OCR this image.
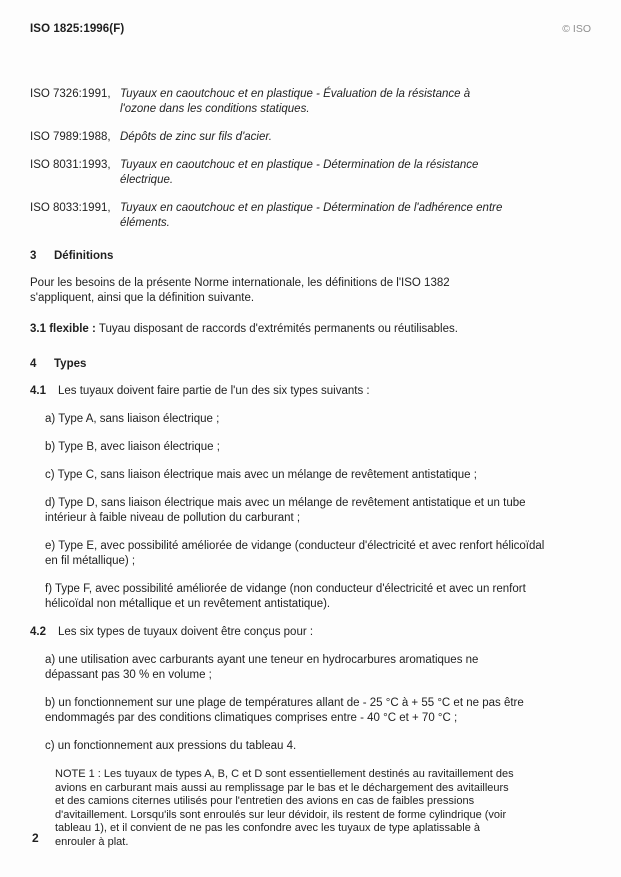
ISO 1825:1996(F)	© ISO
ISO 7326:1991, Tuyaux en caoutchouc et en plastique - Évaluation de la résistance à l'ozone dans les conditions statiques.
ISO 7989:1988, Dépôts de zinc sur fils d'acier.
ISO 8031:1993, Tuyaux en caoutchouc et en plastique - Détermination de la résistance électrique.
ISO 8033:1991, Tuyaux en caoutchouc et en plastique - Détermination de l'adhérence entre éléments.
3	Définitions

Pour les besoins de la présente Norme internationale, les définitions de l'ISO 1382 s'appliquent, ainsi que la définition suivante.

3.1 flexible : Tuyau disposant de raccords d'extrémités permanents ou réutilisables.

4	Types
4.1	Les tuyaux doivent faire partie de l'un des six types suivants :
a) Type A, sans liaison électrique ;
b) Type B, avec liaison électrique ;
c) Type C, sans liaison électrique mais avec un mélange de revêtement antistatique ;
d) Type D, sans liaison électrique mais avec un mélange de revêtement antistatique et un tube intérieur à faible niveau de pollution du carburant ;
e) Type E, avec possibilité améliorée de vidange (conducteur d'électricité et avec renfort hélicoïdal en fil métallique) ;
f) Type F, avec possibilité améliorée de vidange (non conducteur d'électricité et avec un renfort hélicoïdal non métallique et un revêtement antistatique).
4.2	Les six types de tuyaux doivent être conçus pour :
a) une utilisation avec carburants ayant une teneur en hydrocarbures aromatiques ne dépassant pas 30 % en volume ;
b) un fonctionnement sur une plage de températures allant de - 25 °C à + 55 °C et ne pas être endommagés par des conditions climatiques comprises entre - 40 °C et + 70 °C ;
c) un fonctionnement aux pressions du tableau 4.
NOTE 1 : Les tuyaux de types A, B, C et D sont essentiellement destinés au ravitaillement des avions en carburant mais aussi au remplissage par le bas et le déchargement des avitailleurs et des camions citernes utilisés pour l'entretien des avions en cas de faibles pressions d'avitaillement. Lorsqu'ils sont enroulés sur leur dévidoir, ils restent de forme cylindrique (voir tableau 1), et il convient de ne pas les confondre avec les tuyaux de type aplatissable à enrouler à plat.
2
